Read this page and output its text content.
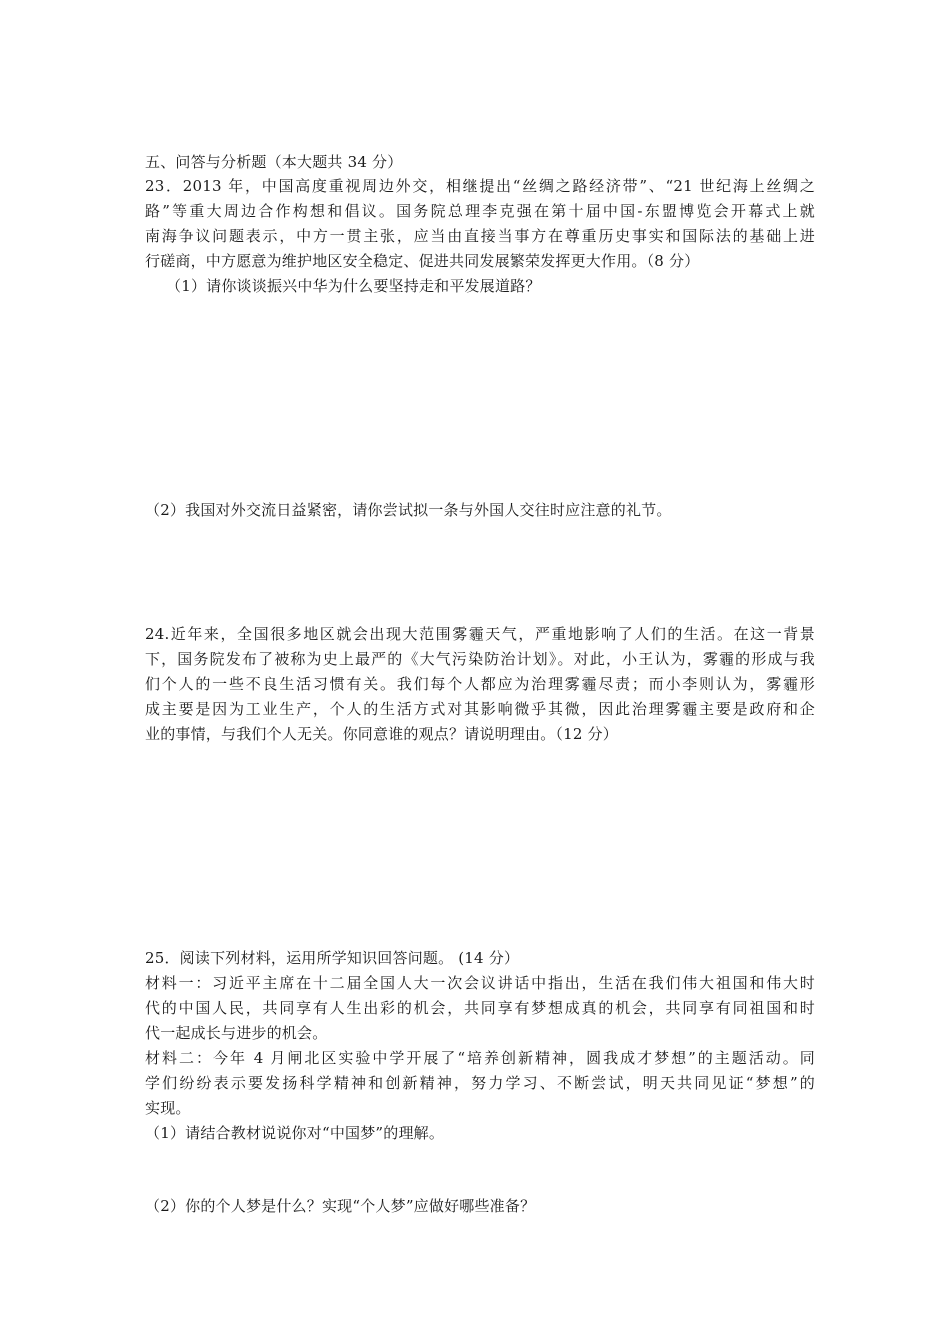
五、问答与分析题（本大题共 34 分）
23．2013 年，中国高度重视周边外交，相继提出“丝绸之路经济带”、“21 世纪海上丝绸之
路”等重大周边合作构想和倡议。国务院总理李克强在第十届中国-东盟博览会开幕式上就
南海争议问题表示，中方一贯主张，应当由直接当事方在尊重历史事实和国际法的基础上进
行磋商，中方愿意为维护地区安全稳定、促进共同发展繁荣发挥更大作用。（8 分）
（1）请你谈谈振兴中华为什么要坚持走和平发展道路？
（2）我国对外交流日益紧密，请你尝试拟一条与外国人交往时应注意的礼节。
24.近年来，全国很多地区就会出现大范围雾霾天气，严重地影响了人们的生活。在这一背景
下，国务院发布了被称为史上最严的《大气污染防治计划》。对此，小王认为，雾霾的形成与我
们个人的一些不良生活习惯有关。我们每个人都应为治理雾霾尽责；而小李则认为，雾霾形
成主要是因为工业生产，个人的生活方式对其影响微乎其微，因此治理雾霾主要是政府和企
业的事情，与我们个人无关。你同意谁的观点？请说明理由。（12 分）
25．阅读下列材料，运用所学知识回答问题。 (14 分）
材料一：习近平主席在十二届全国人大一次会议讲话中指出，生活在我们伟大祖国和伟大时
代的中国人民，共同享有人生出彩的机会，共同享有梦想成真的机会，共同享有同祖国和时
代一起成长与进步的机会。
材料二：今年 4 月闸北区实验中学开展了“培养创新精神，圆我成才梦想”的主题活动。同
学们纷纷表示要发扬科学精神和创新精神，努力学习、不断尝试，明天共同见证“梦想”的
实现。
（1）请结合教材说说你对“中国梦”的理解。
（2）你的个人梦是什么？实现“个人梦”应做好哪些准备？
